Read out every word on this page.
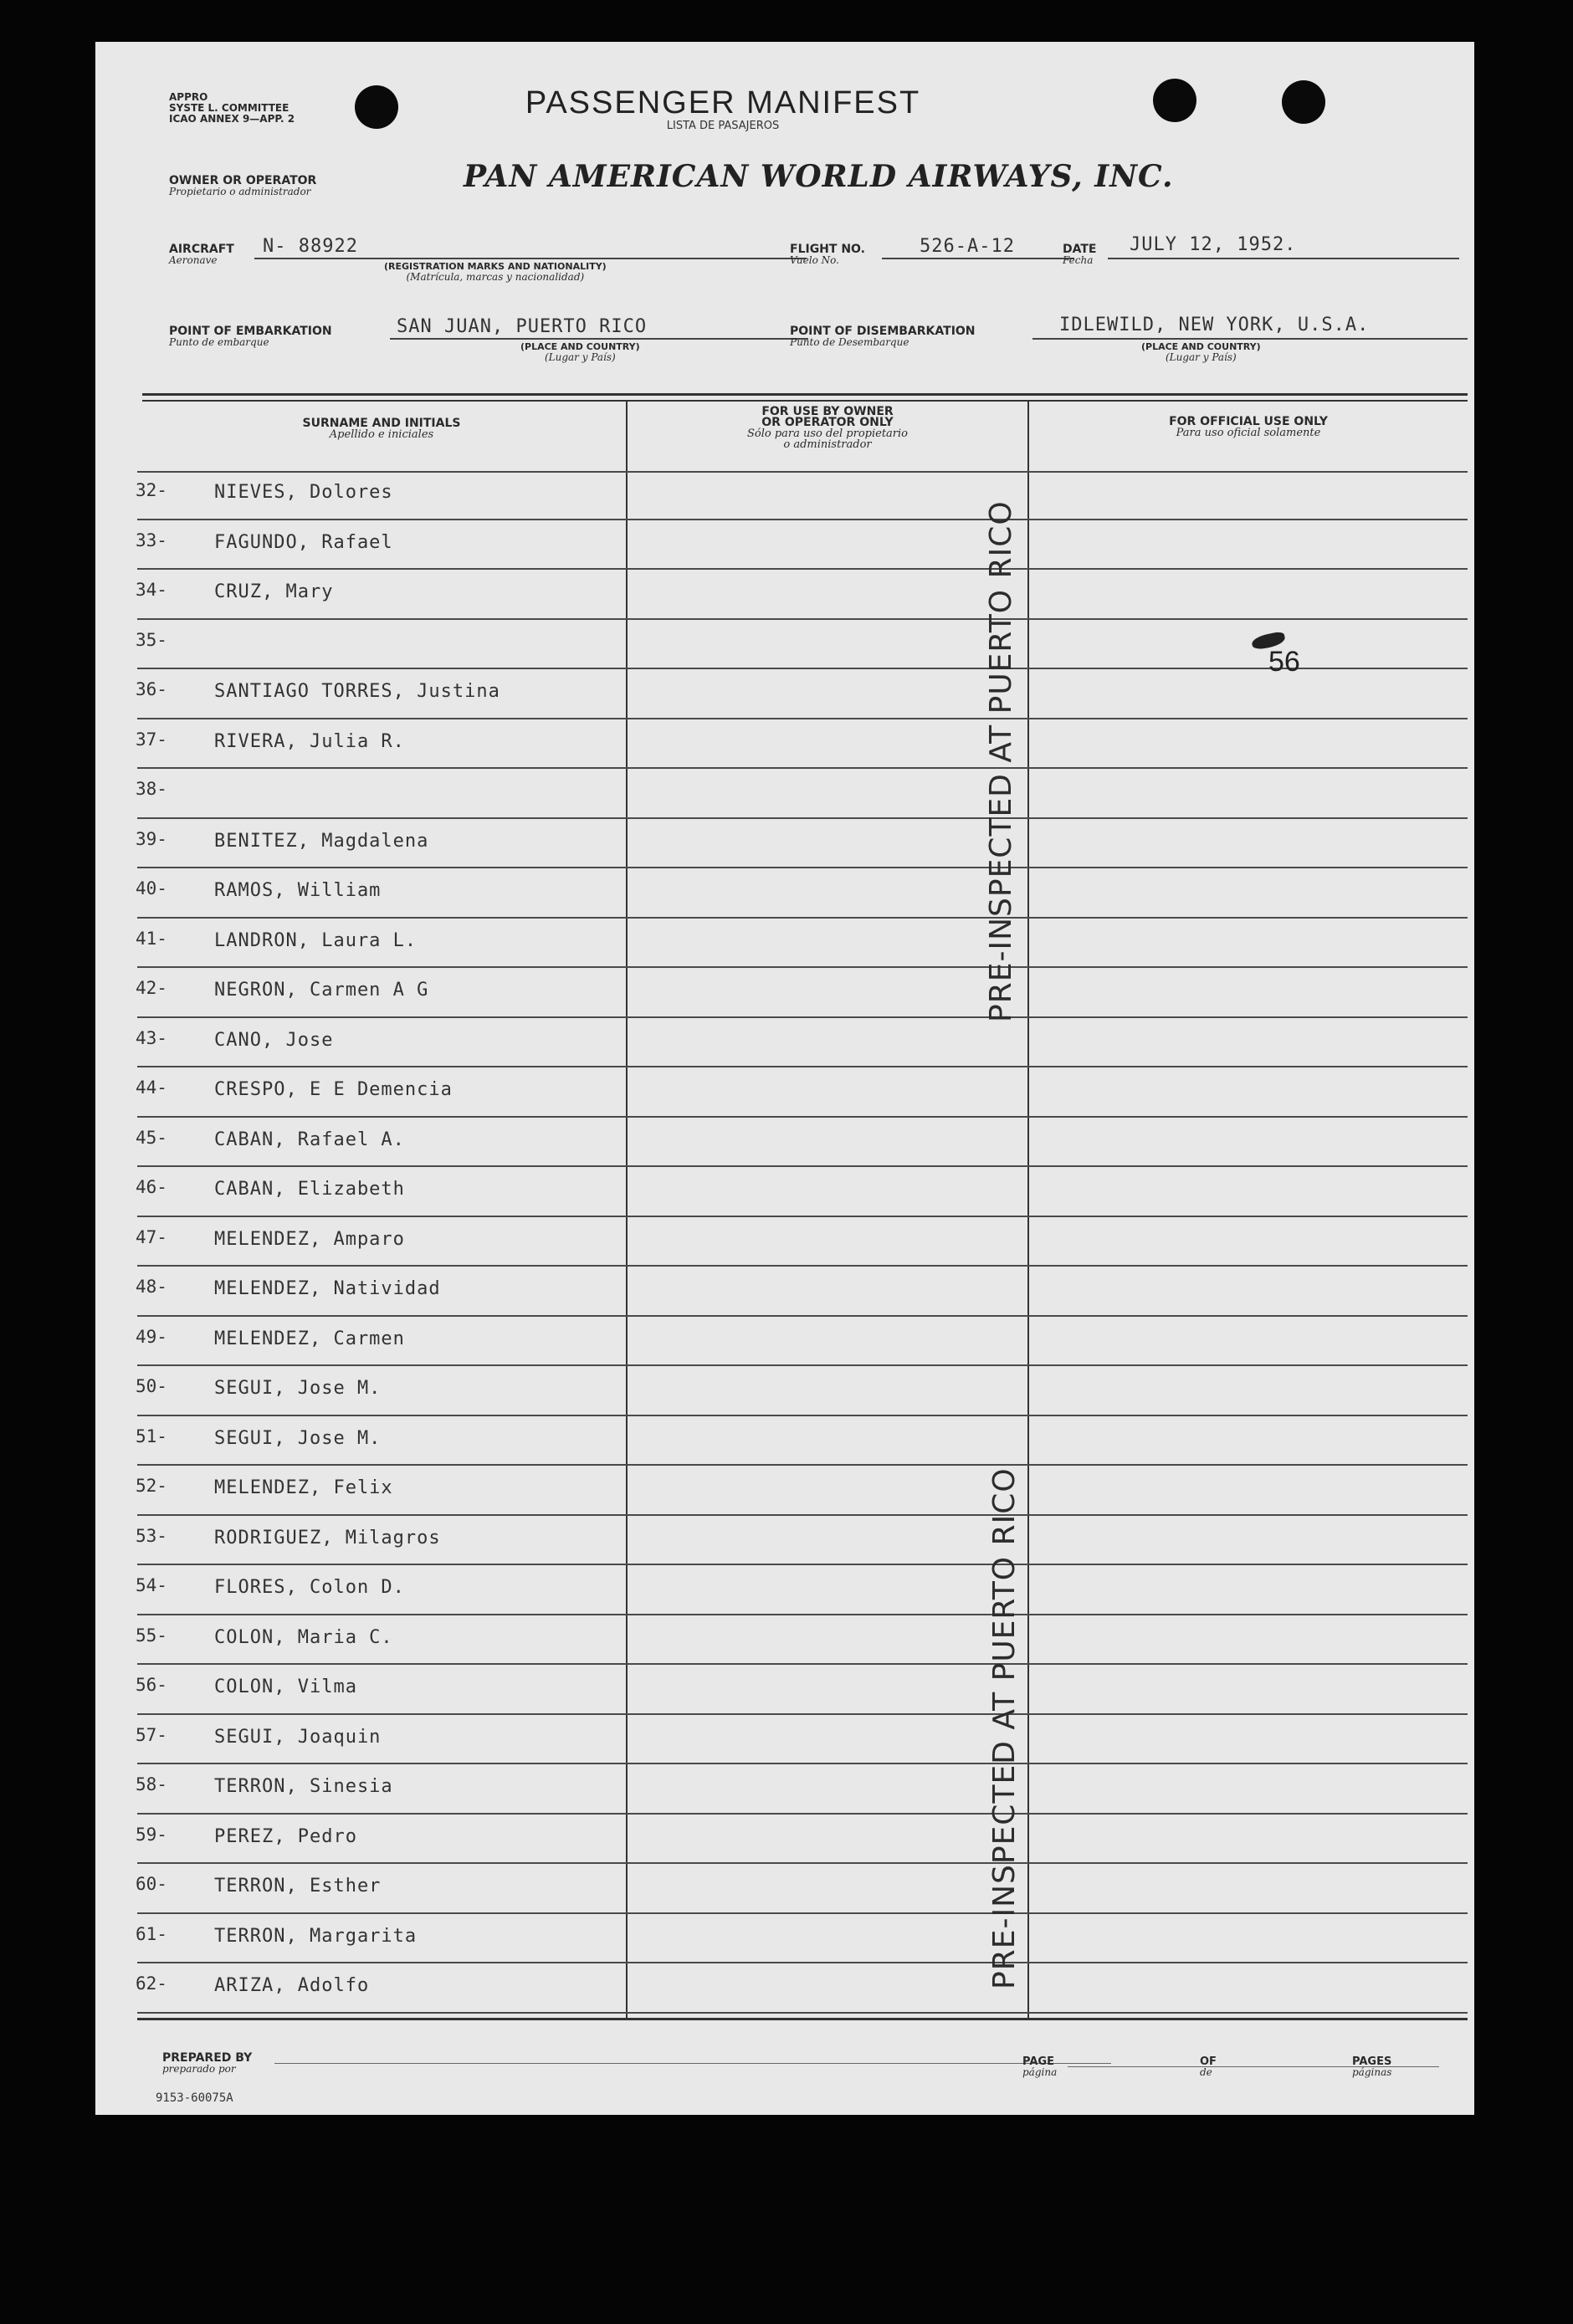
APPRO
SYSTE L. COMMITTEE
ICAO ANNEX 9—APP. 2	PASSENGER MANIFEST
LISTA DE PASAJEROS
OWNER OR OPERATOR
Propietario o administrador	PAN AMERICAN WORLD AIRWAYS, INC.
AIRCRAFT
Aeronave
N- 88922
(REGISTRATION MARKS AND NATIONALITY)
(Matrícula, marcas y nacionalidad)
FLIGHT NO.
Vuelo No.
526-A-12	DATE
Fecha
JULY 12, 1952.
POINT OF EMBARKATION
Punto de embarque
SAN JUAN, PUERTO RICO
(PLACE AND COUNTRY)
(Lugar y País)
POINT OF DISEMBARKATION
Punto de Desembarque
IDLEWILD, NEW YORK, U.S.A.
(PLACE AND COUNTRY)
(Lugar y País)
SURNAME AND INITIALS
Apellido e iniciales
FOR USE BY OWNER
OR OPERATOR ONLY
Sólo para uso del propietario
o administrador
FOR OFFICIAL USE ONLY
Para uso oficial solamente
32-	NIEVES, Dolores
33-	FAGUNDO, Rafael
34-	CRUZ, Mary
35-
36-	SANTIAGO TORRES, Justina
37-	RIVERA, Julia R.
38-
39-	BENITEZ, Magdalena
40-	RAMOS, William
41-	LANDRON, Laura L.
42-	NEGRON, Carmen A G
43-	CANO, Jose
44-	CRESPO, E E Demencia
45-	CABAN, Rafael A.
46-	CABAN, Elizabeth
47-	MELENDEZ, Amparo
48-	MELENDEZ, Natividad
49-	MELENDEZ, Carmen
50-	SEGUI, Jose M.
51-	SEGUI, Jose M.
52-	MELENDEZ, Felix
53-	RODRIGUEZ, Milagros
54-	FLORES, Colon D.
55-	COLON, Maria C.
56-	COLON, Vilma
57-	SEGUI, Joaquin
58-	TERRON, Sinesia
59-	PEREZ, Pedro
60-	TERRON, Esther
61-	TERRON, Margarita
62-	ARIZA, Adolfo
56
PRE-INSPECTED AT PUERTO RICO
PRE-INSPECTED AT PUERTO RICO
PREPARED BY
preparado por
PAGE
página
OF
de
PAGES
páginas
9153-60075A
